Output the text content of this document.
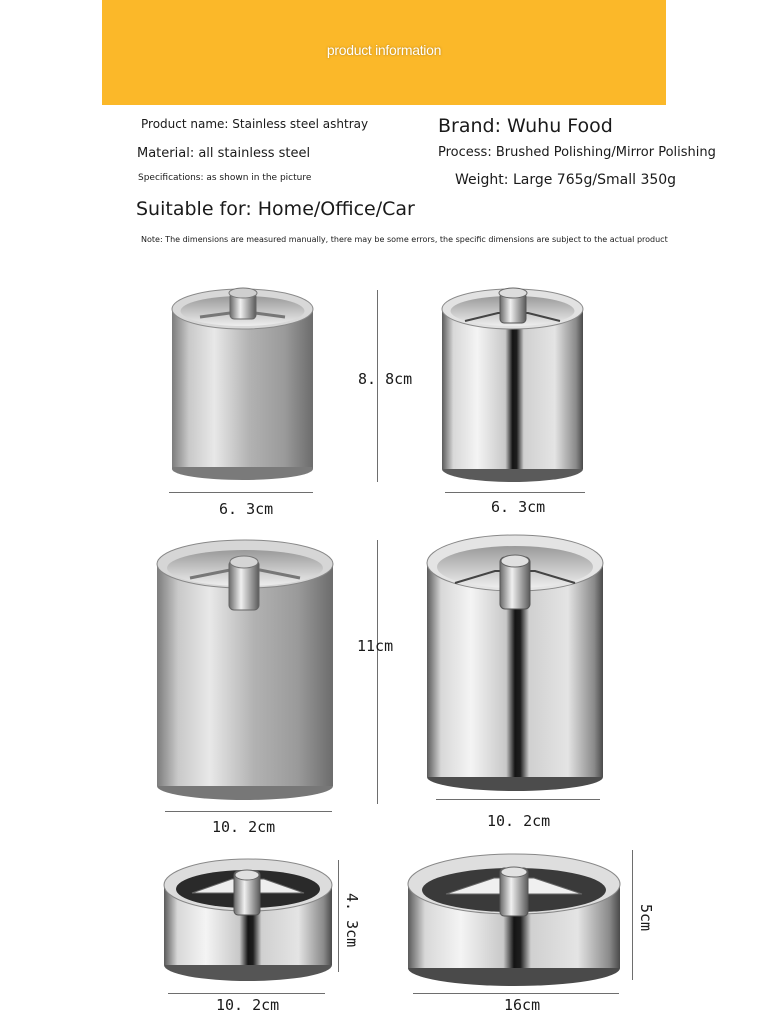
product information
Product name: Stainless steel ashtray
Material: all stainless steel
Specifications: as shown in the picture
Suitable for: Home/Office/Car
Note: The dimensions are measured manually, there may be some errors, the specific dimensions are subject to the actual product
Brand: Wuhu Food
Process: Brushed Polishing/Mirror Polishing
Weight: Large 765g/Small 350g
8. 8cm
6. 3cm	6. 3cm
11cm
10. 2cm	10. 2cm
4. 3cm
10. 2cm
5cm
16cm
